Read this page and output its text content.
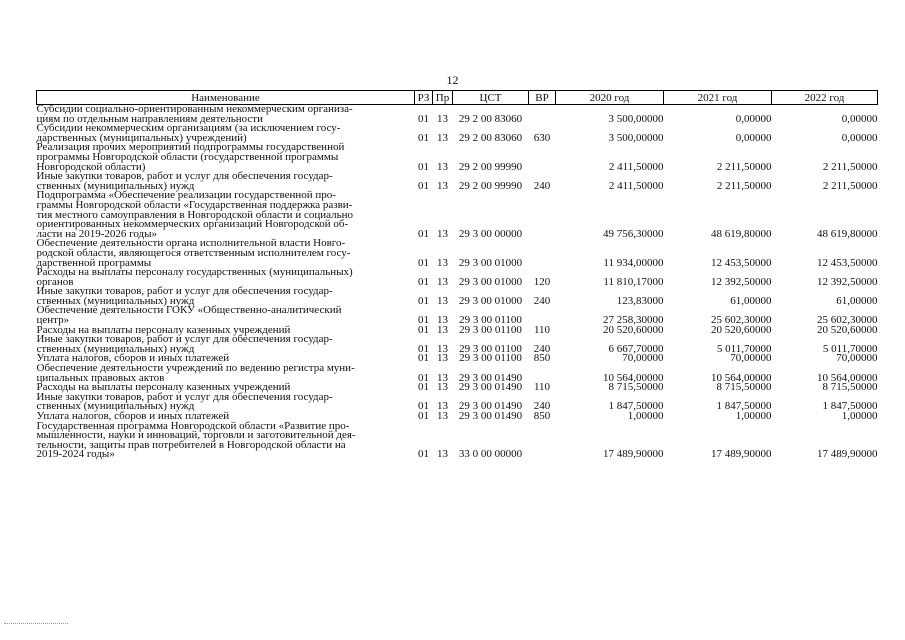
12
Наименование	РЗ	Пр	ЦСТ	ВР	2020 год	2021 год	2022 год

Субсидии социально-ориентированным некоммерческим организа-
циям по отдельным направлениям деятельности	01	13	29 2 00 83060		3 500,00000	0,00000	0,00000

Субсидии некоммерческим организациям (за исключением госу-
дарственных (муниципальных) учреждений)	01	13	29 2 00 83060	630	3 500,00000	0,00000	0,00000

Реализация прочих мероприятий подпрограммы государственной
программы Новгородской области (государственной программы
Новгородской области)	01	13	29 2 00 99990		2 411,50000	2 211,50000	2 211,50000

Иные закупки товаров, работ и услуг для обеспечения государ-
ственных (муниципальных) нужд	01	13	29 2 00 99990	240	2 411,50000	2 211,50000	2 211,50000

Подпрограмма «Обеспечение реализации государственной про-
граммы Новгородской области «Государственная поддержка разви-
тия местного самоуправления в Новгородской области и социально
ориентированных некоммерческих организаций Новгородской об-
ласти на 2019-2026 годы»	01	13	29 3 00 00000		49 756,30000	48 619,80000	48 619,80000

Обеспечение деятельности органа исполнительной власти Новго-
родской области, являющегося ответственным исполнителем госу-
дарственной программы	01	13	29 3 00 01000		11 934,00000	12 453,50000	12 453,50000

Расходы на выплаты персоналу государственных (муниципальных)
органов	01	13	29 3 00 01000	120	11 810,17000	12 392,50000	12 392,50000

Иные закупки товаров, работ и услуг для обеспечения государ-
ственных (муниципальных) нужд	01	13	29 3 00 01000	240	123,83000	61,00000	61,00000

Обеспечение деятельности ГОКУ «Общественно-аналитический
центр»	01	13	29 3 00 01100		27 258,30000	25 602,30000	25 602,30000

Расходы на выплаты персоналу казенных учреждений	01	13	29 3 00 01100	110	20 520,60000	20 520,60000	20 520,60000

Иные закупки товаров, работ и услуг для обеспечения государ-
ственных (муниципальных) нужд	01	13	29 3 00 01100	240	6 667,70000	5 011,70000	5 011,70000

Уплата налогов, сборов и иных платежей	01	13	29 3 00 01100	850	70,00000	70,00000	70,00000

Обеспечение деятельности учреждений по ведению регистра муни-
ципальных правовых актов	01	13	29 3 00 01490		10 564,00000	10 564,00000	10 564,00000

Расходы на выплаты персоналу казенных учреждений	01	13	29 3 00 01490	110	8 715,50000	8 715,50000	8 715,50000

Иные закупки товаров, работ и услуг для обеспечения государ-
ственных (муниципальных) нужд	01	13	29 3 00 01490	240	1 847,50000	1 847,50000	1 847,50000

Уплата налогов, сборов и иных платежей	01	13	29 3 00 01490	850	1,00000	1,00000	1,00000

Государственная программа Новгородской области «Развитие про-
мышленности, науки и инноваций, торговли и заготовительной дея-
тельности, защиты прав потребителей в Новгородской области на
2019-2024 годы»	01	13	33 0 00 00000		17 489,90000	17 489,90000	17 489,90000
